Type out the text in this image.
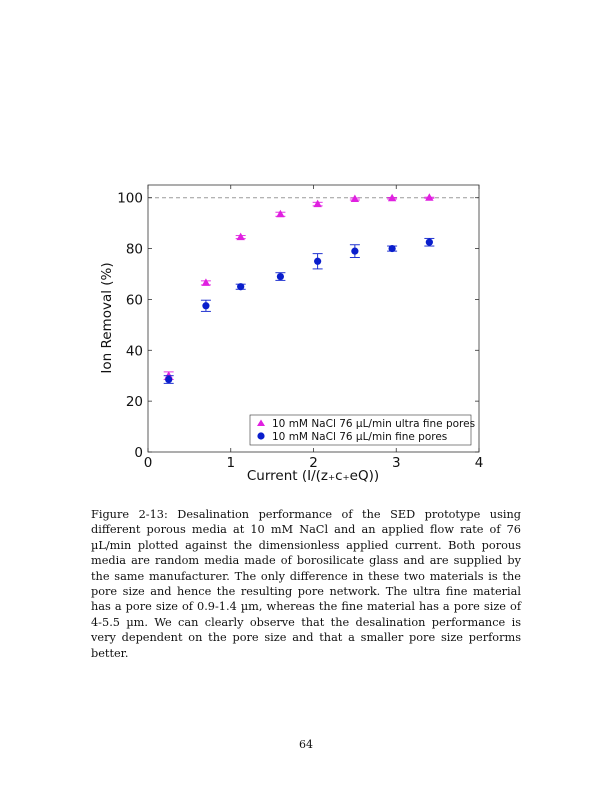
0	1	2	3	4
0
20
40
60
80
100
Current (I/(z₊c₊eQ))
Ion Removal (%)
10 mM NaCl 76 µL/min ultra fine pores
10 mM NaCl 76 µL/min fine pores

Figure 2-13: Desalination performance of the SED prototype using different porous media at 10 mM NaCl and an applied flow rate of 76 µL/min plotted against the dimensionless applied current. Both porous media are random media made of borosilicate glass and are supplied by the same manufacturer. The only difference in these two materials is the pore size and hence the resulting pore network. The ultra fine material has a pore size of 0.9-1.4 µm, whereas the fine material has a pore size of 4-5.5 µm. We can clearly observe that the desalination performance is very dependent on the pore size and that a smaller pore size performs better.

64
